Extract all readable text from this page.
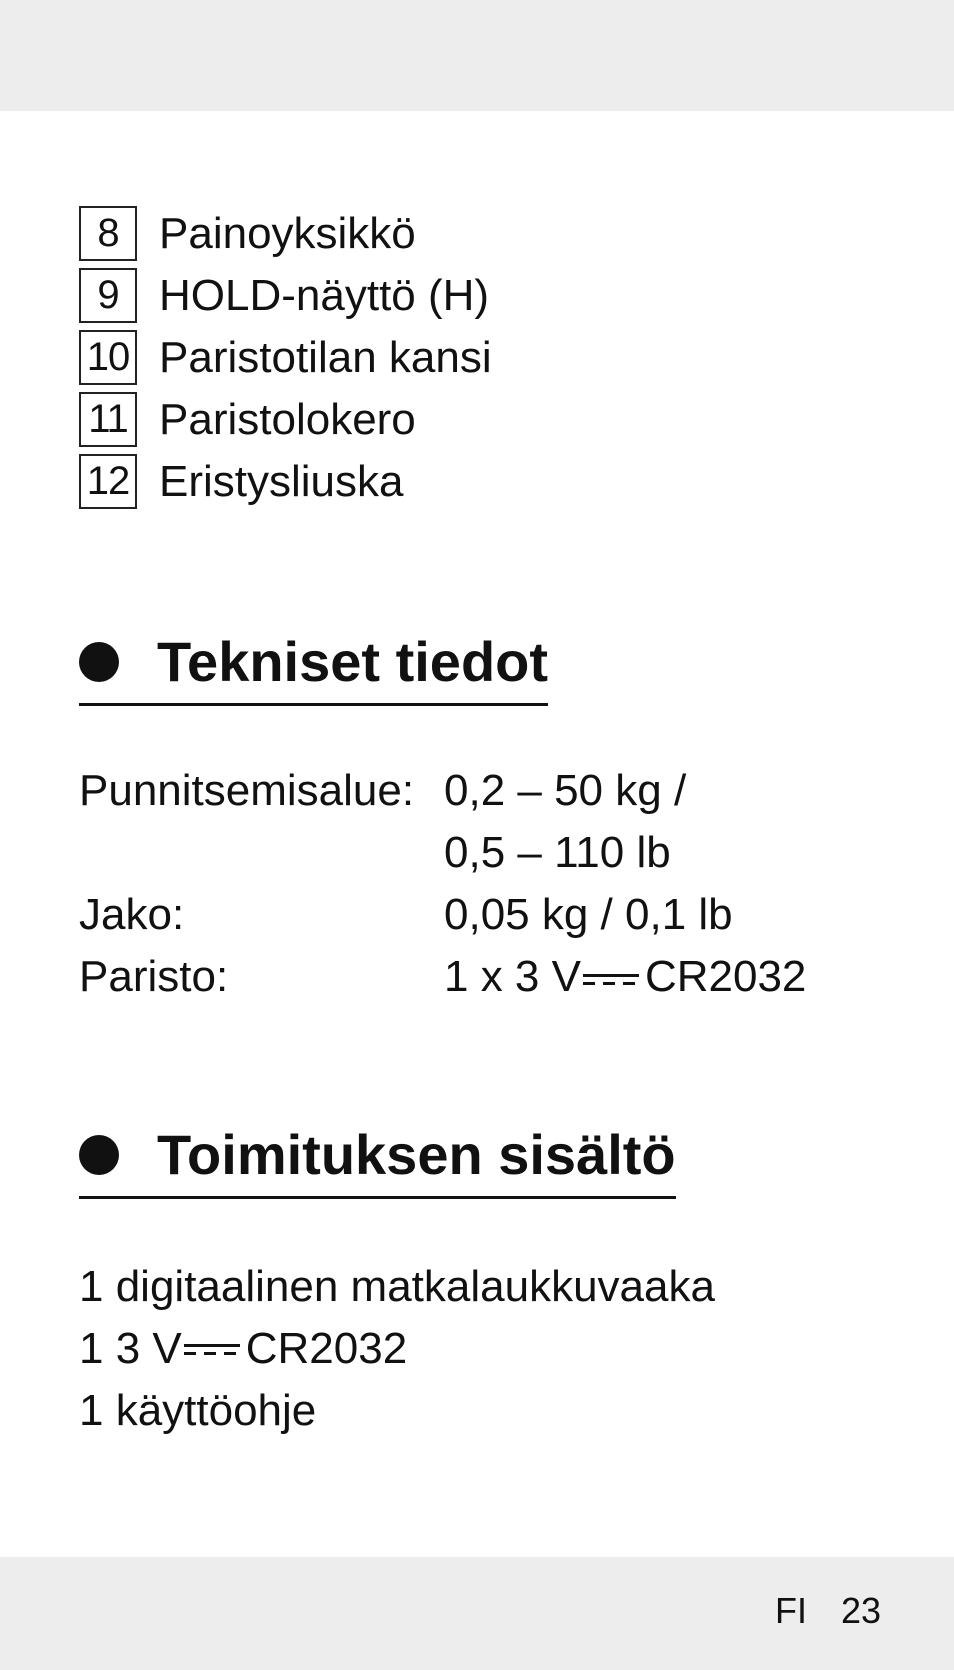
8 Painoyksikkö
9 HOLD-näyttö (H)
10 Paristotilan kansi
11 Paristolokero
12 Eristysliuska
Tekniset tiedot
Punnitsemisalue: 0,2 – 50 kg /
0,5 – 110 lb
Jako:	0,05 kg / 0,1 lb
Paristo:	1 x 3 V CR2032
Toimituksen sisältö
1 digitaalinen matkalaukkuvaaka
1 3 V CR2032
1 käyttöohje
FI 23
